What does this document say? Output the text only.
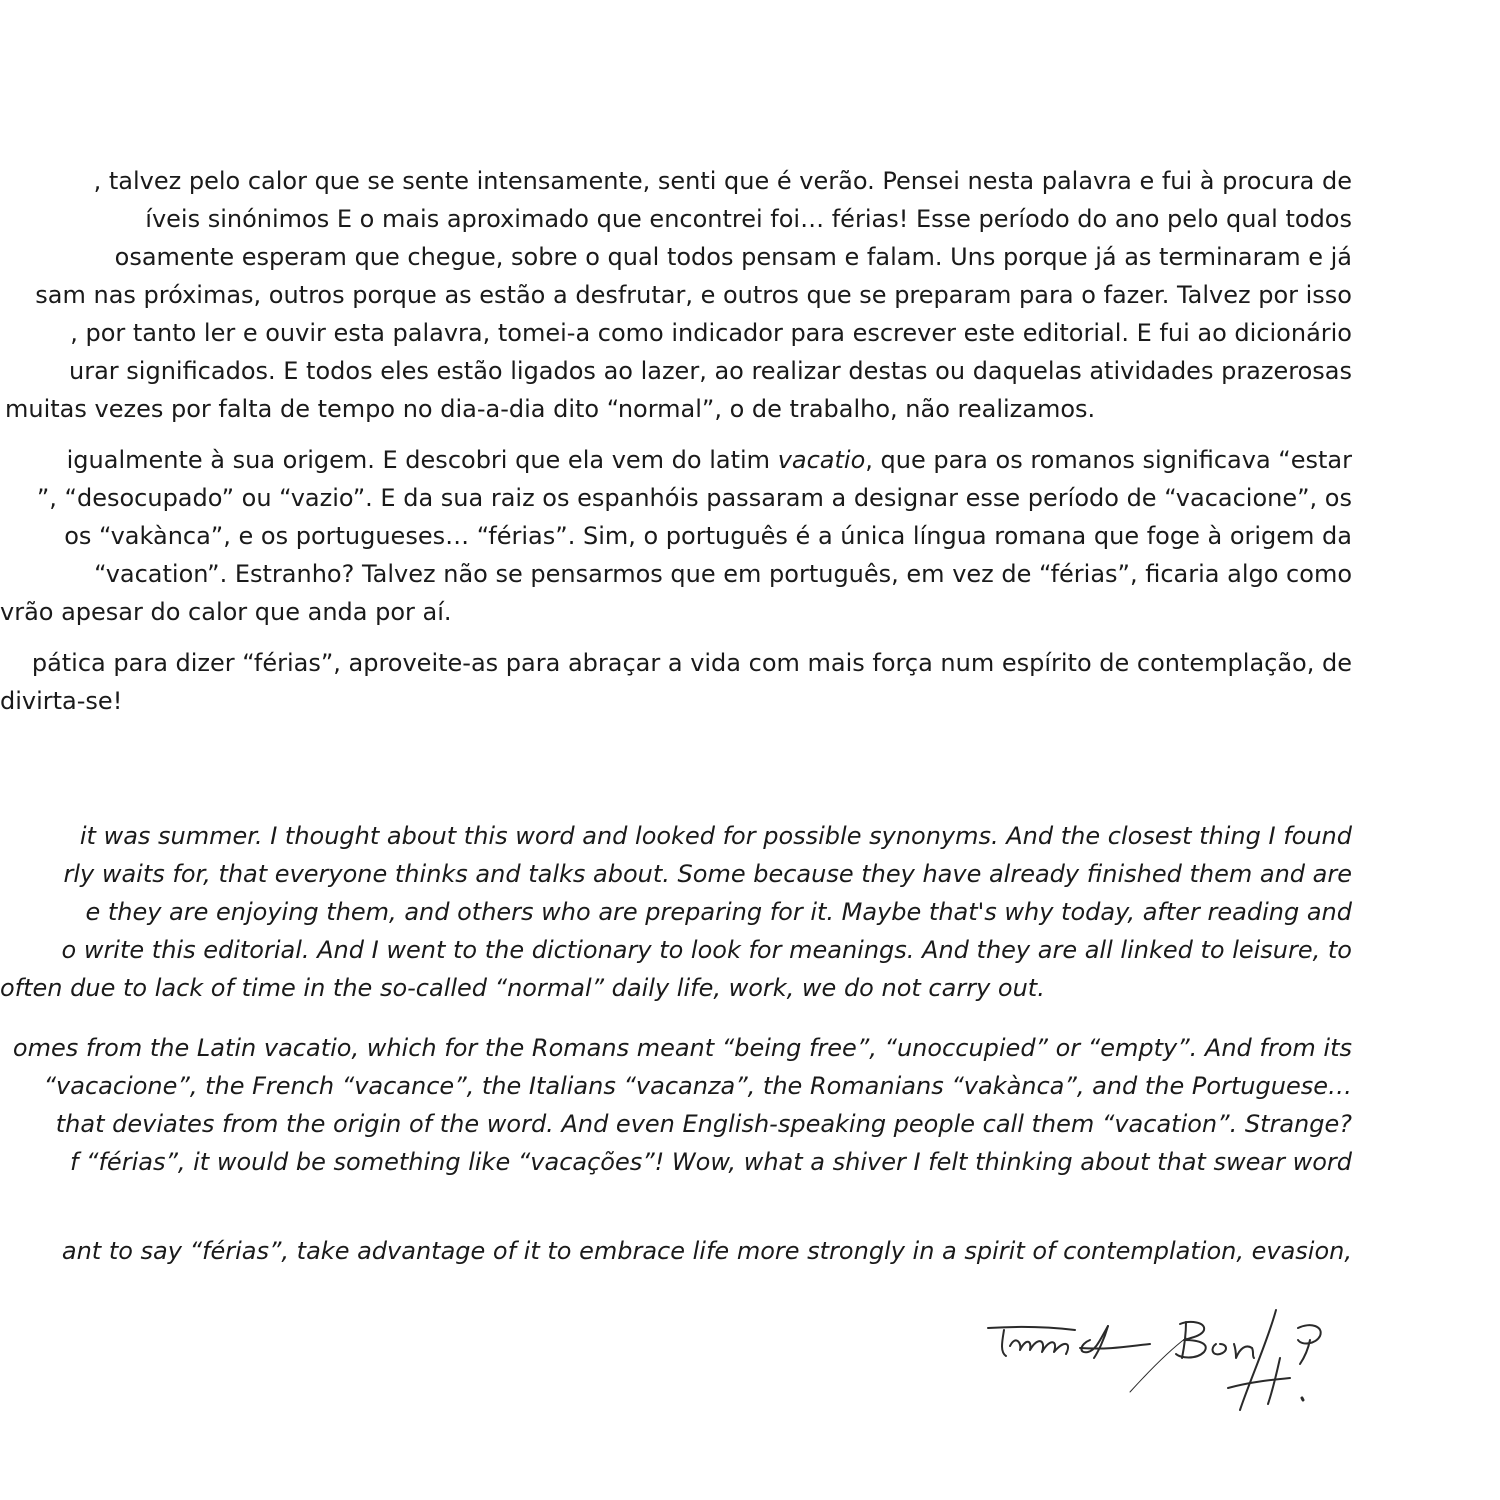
, talvez pelo calor que se sente intensamente, senti que é verão. Pensei nesta palavra e fui à procura de
íveis sinónimos E o mais aproximado que encontrei foi… férias! Esse período do ano pelo qual todos
osamente esperam que chegue, sobre o qual todos pensam e falam. Uns porque já as terminaram e já
sam nas próximas, outros porque as estão a desfrutar, e outros que se preparam para o fazer. Talvez por isso
, por tanto ler e ouvir esta palavra, tomei-a como indicador para escrever este editorial. E fui ao dicionário
urar significados. E todos eles estão ligados ao lazer, ao realizar destas ou daquelas atividades prazerosas
muitas vezes por falta de tempo no dia-a-dia dito “normal”, o de trabalho, não realizamos.
igualmente à sua origem. E descobri que ela vem do latim vacatio, que para os romanos significava “estar
”, “desocupado” ou “vazio”. E da sua raiz os espanhóis passaram a designar esse período de “vacacione”, os
os “vakànca”, e os portugueses… “férias”. Sim, o português é a única língua romana que foge à origem da
“vacation”. Estranho? Talvez não se pensarmos que em português, em vez de “férias”, ficaria algo como
vrão apesar do calor que anda por aí.
pática para dizer “férias”, aproveite-as para abraçar a vida com mais força num espírito de contemplação, de
divirta-se!
it was summer. I thought about this word and looked for possible synonyms. And the closest thing I found
rly waits for, that everyone thinks and talks about. Some because they have already finished them and are
e they are enjoying them, and others who are preparing for it. Maybe that's why today, after reading and
o write this editorial. And I went to the dictionary to look for meanings. And they are all linked to leisure, to
often due to lack of time in the so-called “normal” daily life, work, we do not carry out.
omes from the Latin vacatio, which for the Romans meant “being free”, “unoccupied” or “empty”. And from its
“vacacione”, the French “vacance”, the Italians “vacanza”, the Romanians “vakànca”, and the Portuguese…
that deviates from the origin of the word. And even English-speaking people call them “vacation”. Strange?
f “férias”, it would be something like “vacações”! Wow, what a shiver I felt thinking about that swear word
ant to say “férias”, take advantage of it to embrace life more strongly in a spirit of contemplation, evasion,
